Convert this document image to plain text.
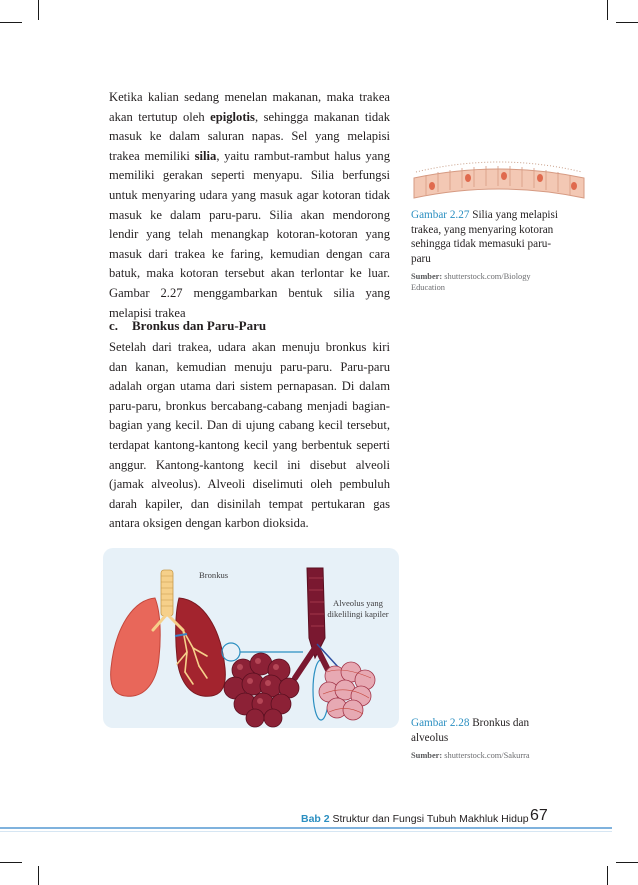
Ketika kalian sedang menelan makanan, maka trakea akan tertutup oleh epiglotis, sehingga makanan tidak masuk ke dalam saluran napas. Sel yang melapisi trakea memiliki silia, yaitu rambut-rambut halus yang memiliki gerakan seperti menyapu. Silia berfungsi untuk menyaring udara yang masuk agar kotoran tidak masuk ke dalam paru-paru. Silia akan mendorong lendir yang telah menangkap kotoran-kotoran yang masuk dari trakea ke faring, kemudian dengan cara batuk, maka kotoran tersebut akan terlontar ke luar. Gambar 2.27 menggambarkan bentuk silia yang melapisi trakea

Gambar 2.27 Silia yang melapisi trakea, yang menyaring kotoran sehingga tidak memasuki paru-paru
Sumber: shutterstock.com/Biology Education
c. Bronkus dan Paru-Paru

Setelah dari trakea, udara akan menuju bronkus kiri dan kanan, kemudian menuju paru-paru. Paru-paru adalah organ utama dari sistem pernapasan. Di dalam paru-paru, bronkus bercabang-cabang menjadi bagian-bagian yang kecil. Dan di ujung cabang kecil tersebut, terdapat kantong-kantong kecil yang berbentuk seperti anggur. Kantong-kantong kecil ini disebut alveoli (jamak alveolus). Alveoli diselimuti oleh pembuluh darah kapiler, dan disinilah tempat pertukaran gas antara oksigen dengan karbon dioksida.

Bronkus
Alveolus yang dikelilingi kapiler
Gambar 2.28 Bronkus dan alveolus
Sumber: shutterstock.com/Sakurra
Bab 2 Struktur dan Fungsi Tubuh Makhluk Hidup 67
